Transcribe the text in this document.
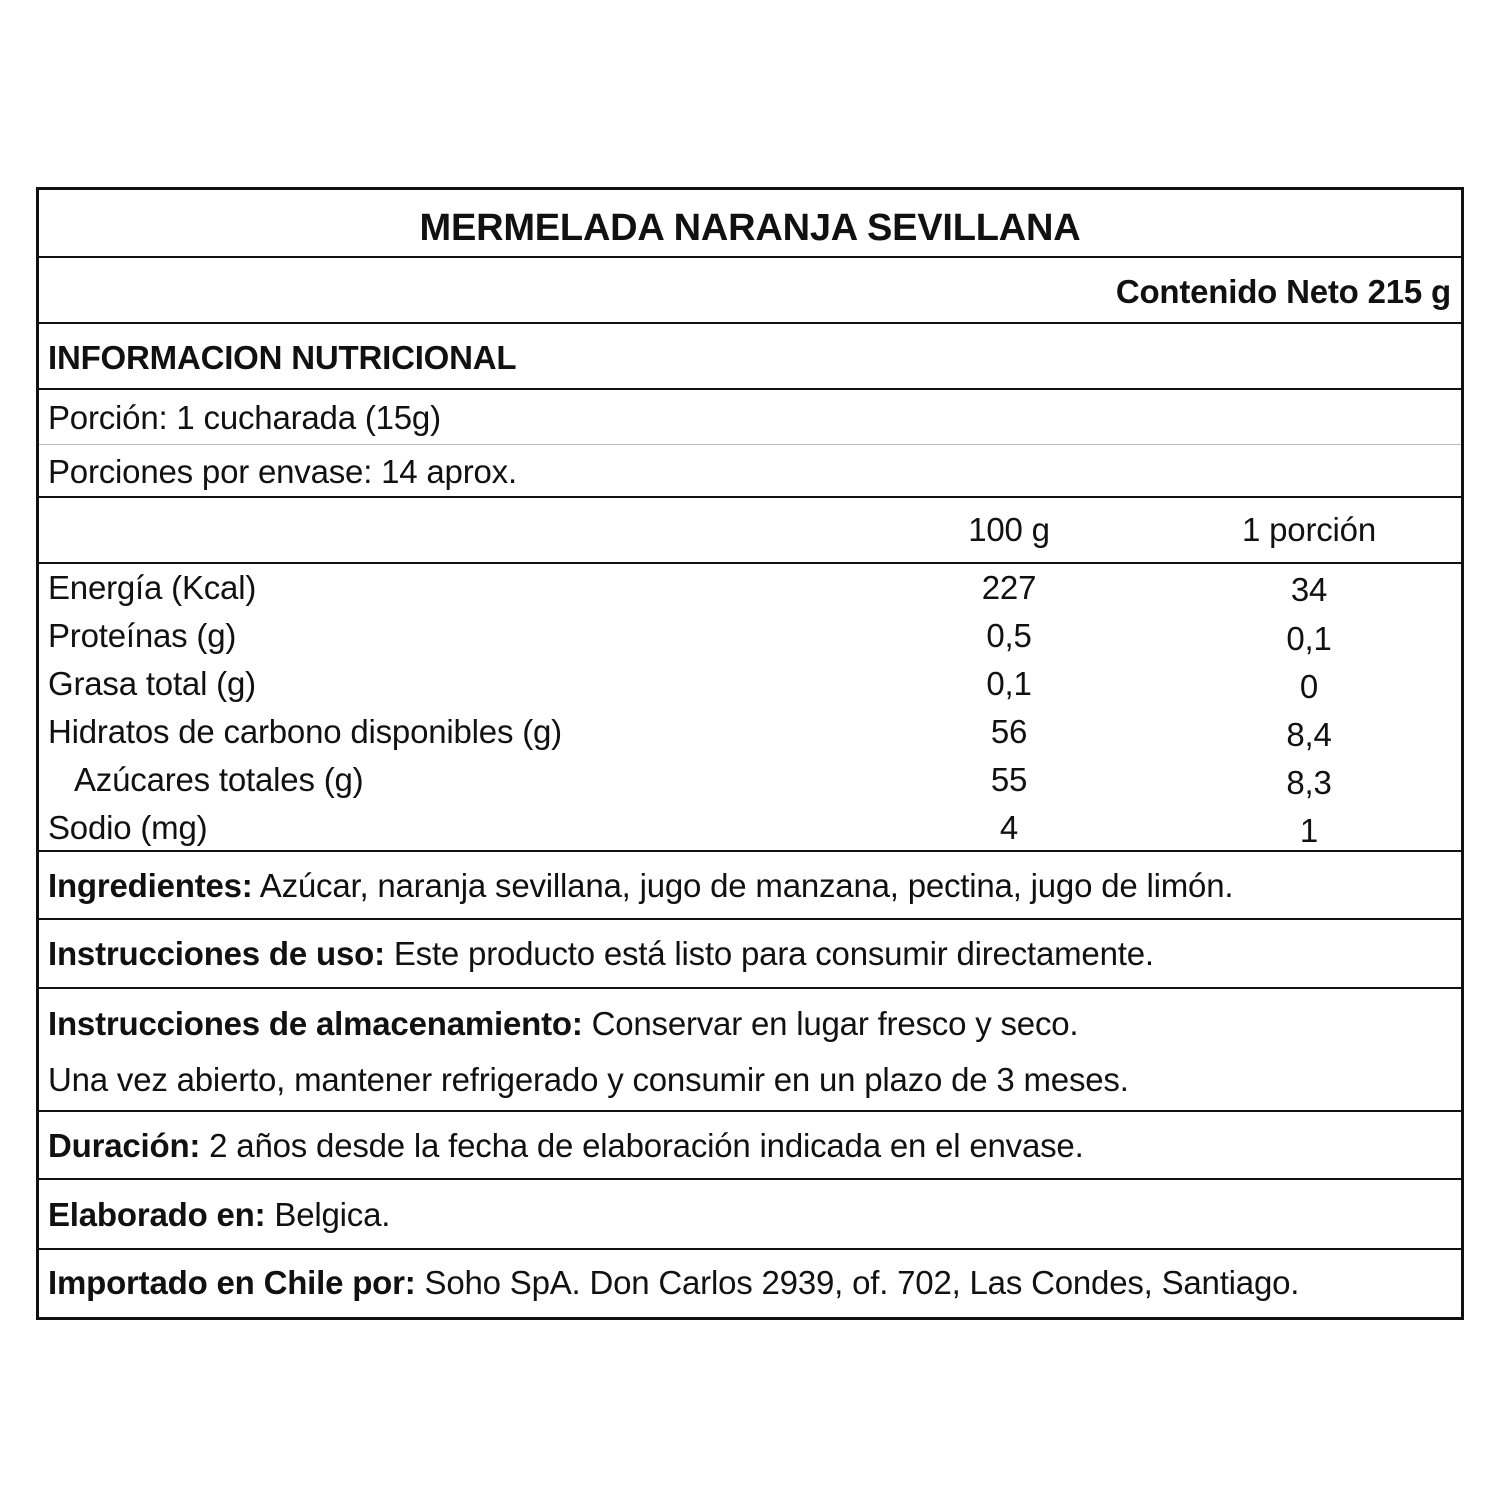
MERMELADA NARANJA SEVILLANA
Contenido Neto 215 g
INFORMACION NUTRICIONAL
Porción: 1 cucharada (15g)
Porciones por envase: 14 aprox.
100 g	1 porción
Energía (Kcal)	227	34
Proteínas (g)	0,5	0,1
Grasa total (g)	0,1	0
Hidratos de carbono disponibles (g)	56	8,4
Azúcares totales (g)	55	8,3
Sodio (mg)	4	1
Ingredientes: Azúcar, naranja sevillana, jugo de manzana, pectina, jugo de limón.
Instrucciones de uso: Este producto está listo para consumir directamente.
Instrucciones de almacenamiento: Conservar en lugar fresco y seco.
Una vez abierto, mantener refrigerado y consumir en un plazo de 3 meses.
Duración: 2 años desde la fecha de elaboración indicada en el envase.
Elaborado en: Belgica.
Importado en Chile por: Soho SpA. Don Carlos 2939, of. 702, Las Condes, Santiago.
